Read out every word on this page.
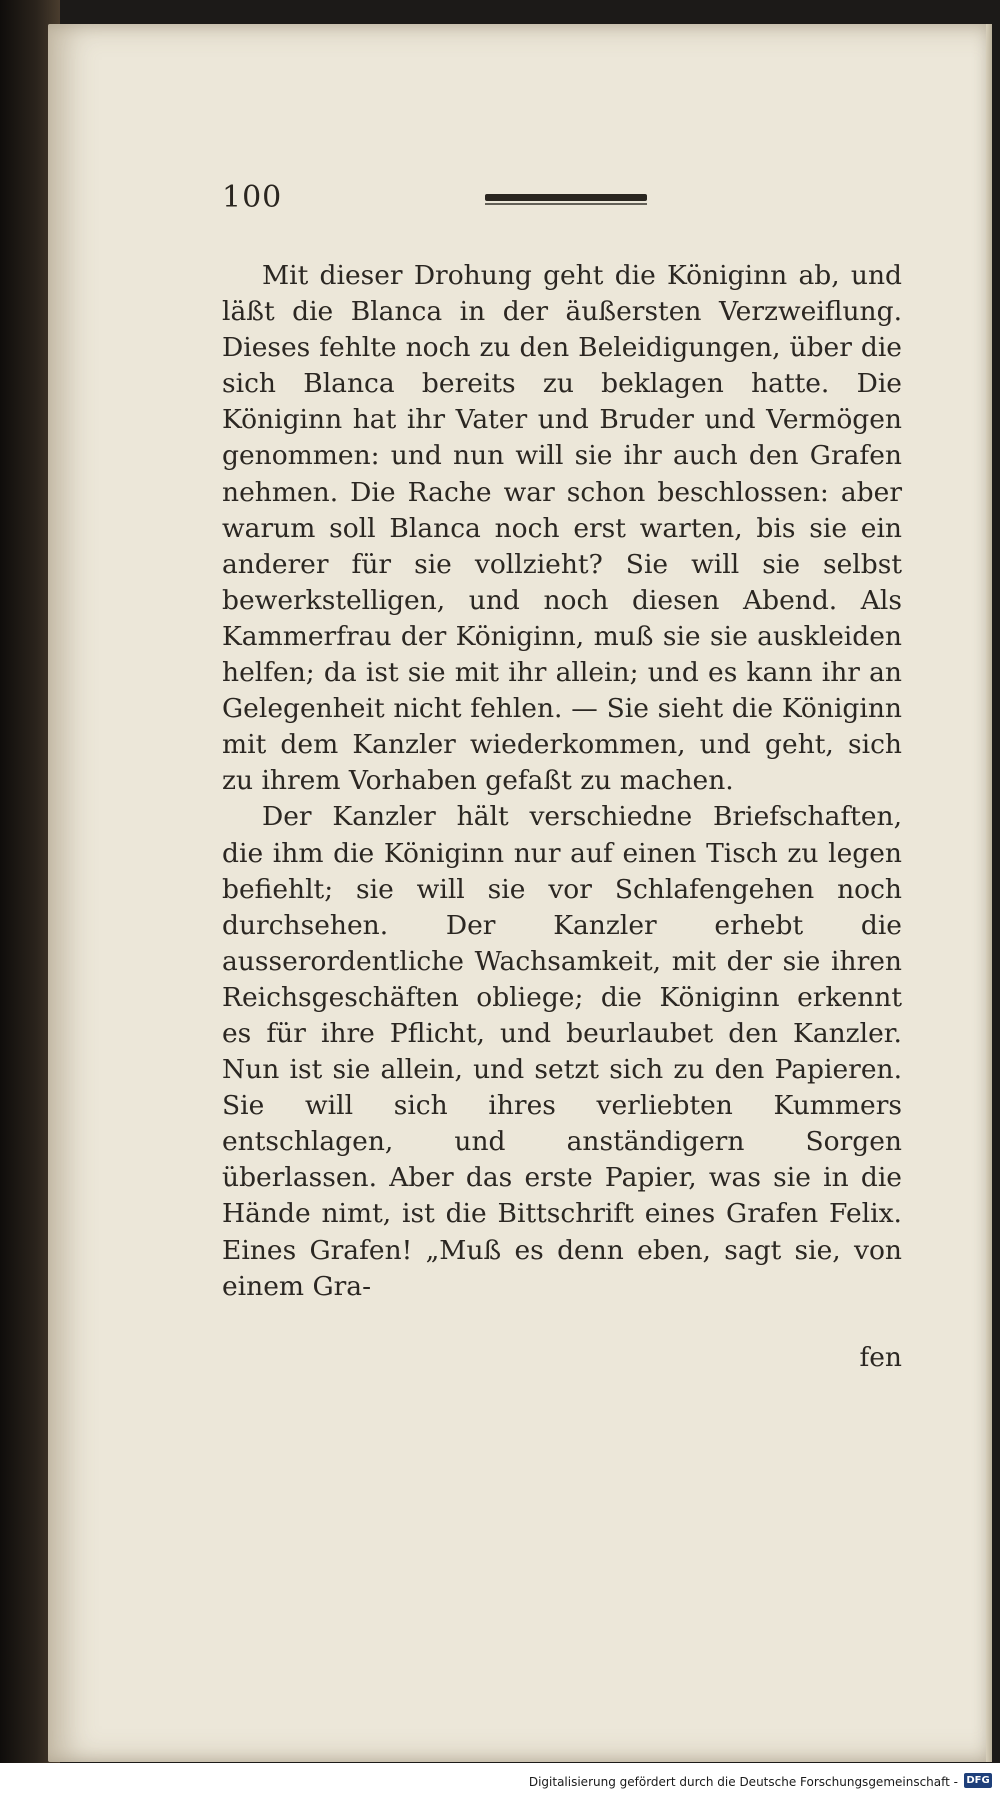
100

Mit dieser Drohung geht die Königinn ab, und läßt die Blanca in der äußersten Verzweiflung. Dieses fehlte noch zu den Beleidigungen, über die sich Blanca bereits zu beklagen hatte. Die Königinn hat ihr Vater und Bruder und Vermögen genommen: und nun will sie ihr auch den Grafen nehmen. Die Rache war schon beschlossen: aber warum soll Blanca noch erst warten, bis sie ein anderer für sie vollzieht? Sie will sie selbst bewerkstelligen, und noch diesen Abend. Als Kammerfrau der Königinn, muß sie sie auskleiden helfen; da ist sie mit ihr allein; und es kann ihr an Gelegenheit nicht fehlen. — Sie sieht die Königinn mit dem Kanzler wiederkommen, und geht, sich zu ihrem Vorhaben gefaßt zu machen.

Der Kanzler hält verschiedne Briefschaften, die ihm die Königinn nur auf einen Tisch zu legen befiehlt; sie will sie vor Schlafengehen noch durchsehen. Der Kanzler erhebt die ausserordentliche Wachsamkeit, mit der sie ihren Reichsgeschäften obliege; die Königinn erkennt es für ihre Pflicht, und beurlaubet den Kanzler. Nun ist sie allein, und setzt sich zu den Papieren. Sie will sich ihres verliebten Kummers entschlagen, und anständigern Sorgen überlassen. Aber das erste Papier, was sie in die Hände nimt, ist die Bittschrift eines Grafen Felix. Eines Grafen! „Muß es denn eben, sagt sie, von einem Gra-

fen
Digitalisierung gefördert durch die Deutsche Forschungsgemeinschaft - DFG
